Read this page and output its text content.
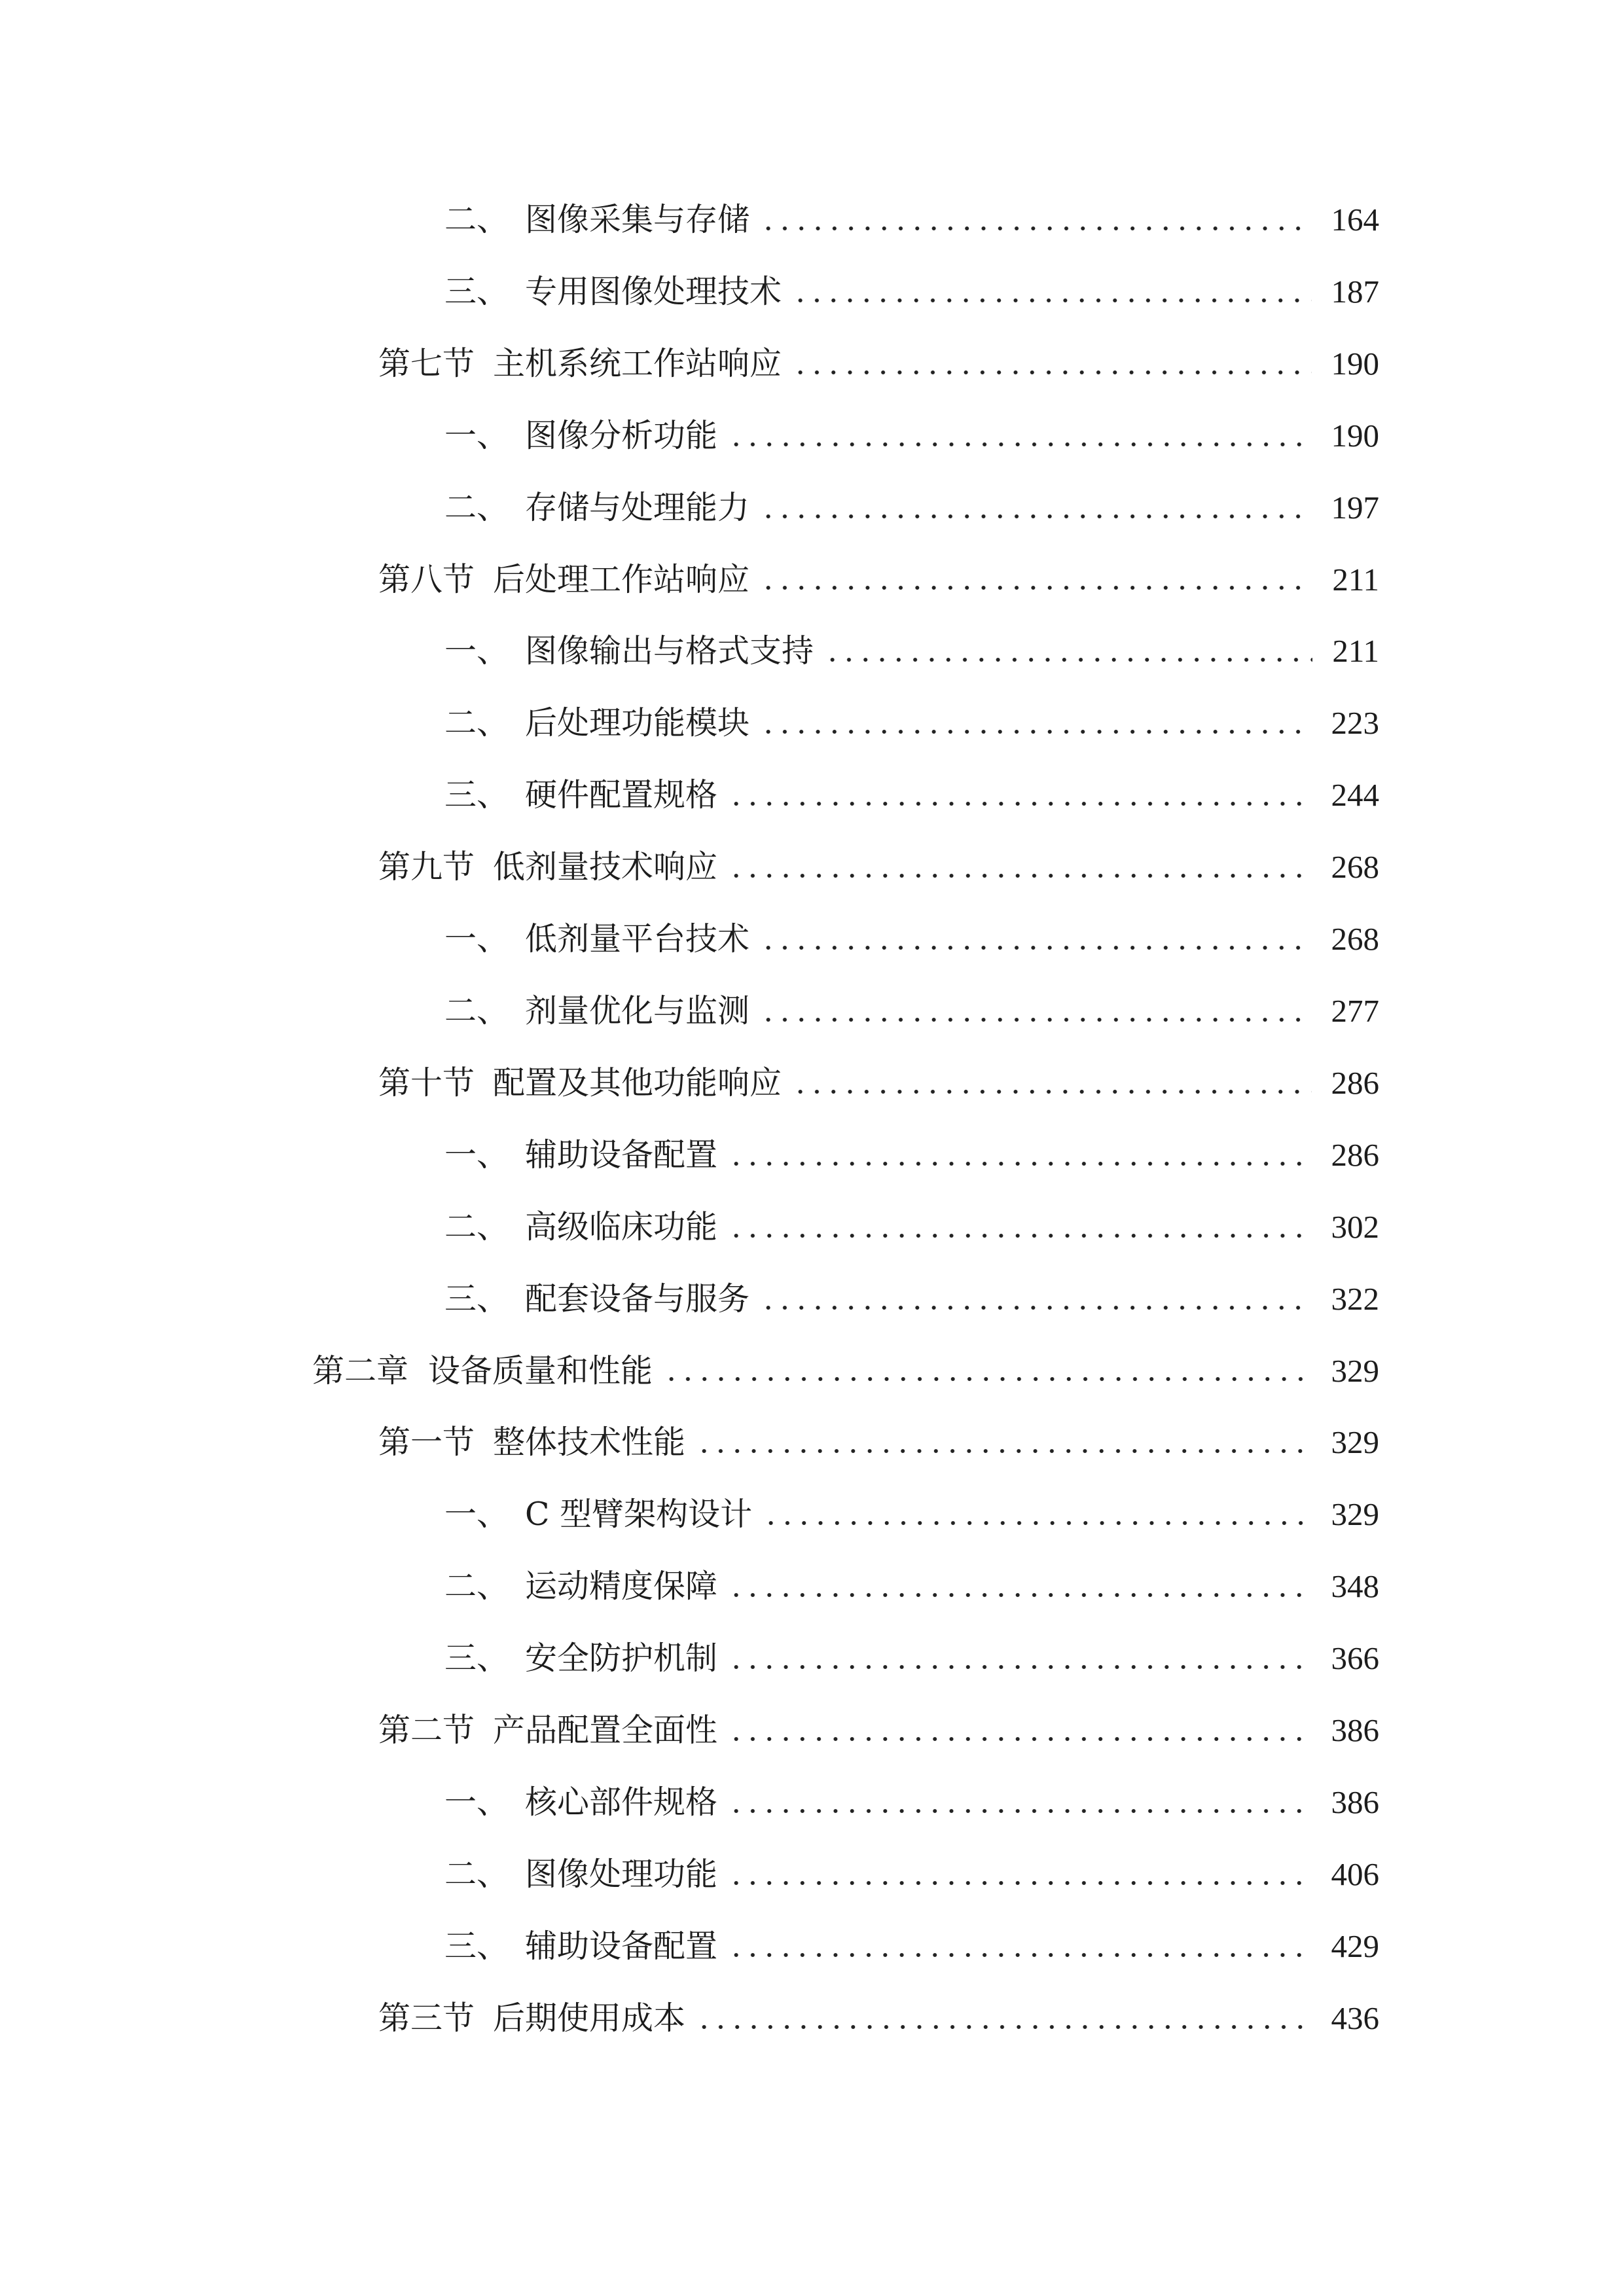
二、 图像采集与存储	164
三、 专用图像处理技术	187
第七节 主机系统工作站响应	190
一、 图像分析功能	190
二、 存储与处理能力	197
第八节 后处理工作站响应	211
一、 图像输出与格式支持	211
二、 后处理功能模块	223
三、 硬件配置规格	244
第九节 低剂量技术响应	268
一、 低剂量平台技术	268
二、 剂量优化与监测	277
第十节 配置及其他功能响应	286
一、 辅助设备配置	286
二、 高级临床功能	302
三、 配套设备与服务	322
第二章 设备质量和性能	329
第一节 整体技术性能	329
一、 C 型臂架构设计	329
二、 运动精度保障	348
三、 安全防护机制	366
第二节 产品配置全面性	386
一、 核心部件规格	386
二、 图像处理功能	406
三、 辅助设备配置	429
第三节 后期使用成本	436
